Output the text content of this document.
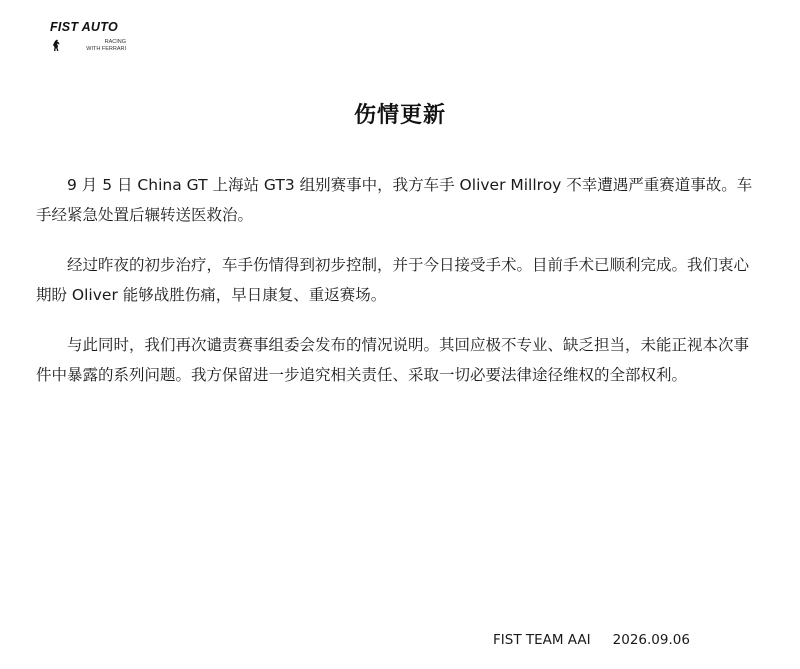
FIST AUTO
RACING
WITH FERRARI
伤情更新

9 月 5 日 China GT 上海站 GT3 组别赛事中，我方车手 Oliver Millroy 不幸遭遇严重赛道事故。车手经紧急处置后辗转送医救治。

经过昨夜的初步治疗，车手伤情得到初步控制，并于今日接受手术。目前手术已顺利完成。我们衷心期盼 Oliver 能够战胜伤痛，早日康复、重返赛场。

与此同时，我们再次谴责赛事组委会发布的情况说明。其回应极不专业、缺乏担当，未能正视本次事件中暴露的系列问题。我方保留进一步追究相关责任、采取一切必要法律途径维权的全部权利。

FIST TEAM AAI 2026.09.06
